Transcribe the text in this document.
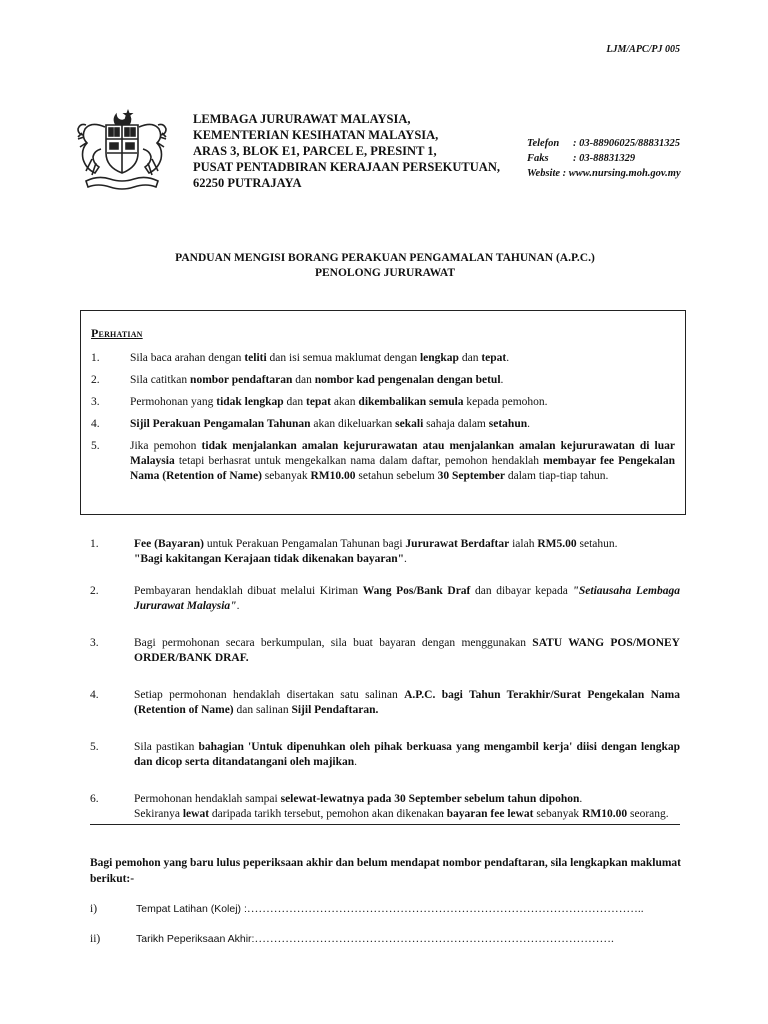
LJM/APC/PJ 005
LEMBAGA JURURAWAT MALAYSIA,
KEMENTERIAN KESIHATAN MALAYSIA,
ARAS 3, BLOK E1, PARCEL E, PRESINT 1,
PUSAT PENTADBIRAN KERAJAAN PERSEKUTUAN,
62250 PUTRAJAYA
Telefon : 03-88906025/88831325
Faks : 03-88831329
Website : www.nursing.moh.gov.my
PANDUAN MENGISI BORANG PERAKUAN PENGAMALAN TAHUNAN (A.P.C.)
PENOLONG JURURAWAT
Perhatian
1.	Sila baca arahan dengan teliti dan isi semua maklumat dengan lengkap dan tepat.
2.	Sila catitkan nombor pendaftaran dan nombor kad pengenalan dengan betul.
3.	Permohonan yang tidak lengkap dan tepat akan dikembalikan semula kepada pemohon.
4.	Sijil Perakuan Pengamalan Tahunan akan dikeluarkan sekali sahaja dalam setahun.
5.	Jika pemohon tidak menjalankan amalan kejururawatan atau menjalankan amalan kejururawatan di luar Malaysia tetapi berhasrat untuk mengekalkan nama dalam daftar, pemohon hendaklah membayar fee Pengekalan Nama (Retention of Name) sebanyak RM10.00 setahun sebelum 30 September dalam tiap-tiap tahun.
1.	Fee (Bayaran) untuk Perakuan Pengamalan Tahunan bagi Jururawat Berdaftar ialah RM5.00 setahun.
"Bagi kakitangan Kerajaan tidak dikenakan bayaran".
2.	Pembayaran hendaklah dibuat melalui Kiriman Wang Pos/Bank Draf dan dibayar kepada "Setiausaha Lembaga Jururawat Malaysia".
3.	Bagi permohonan secara berkumpulan, sila buat bayaran dengan menggunakan SATU WANG POS/MONEY ORDER/BANK DRAF.
4.	Setiap permohonan hendaklah disertakan satu salinan A.P.C. bagi Tahun Terakhir/Surat Pengekalan Nama (Retention of Name) dan salinan Sijil Pendaftaran.
5.	Sila pastikan bahagian 'Untuk dipenuhkan oleh pihak berkuasa yang mengambil kerja' diisi dengan lengkap dan dicop serta ditandatangani oleh majikan.
6.	Permohonan hendaklah sampai selewat-lewatnya pada 30 September sebelum tahun dipohon.
Sekiranya lewat daripada tarikh tersebut, pemohon akan dikenakan bayaran fee lewat sebanyak RM10.00 seorang.
Bagi pemohon yang baru lulus peperiksaan akhir dan belum mendapat nombor pendaftaran, sila lengkapkan maklumat berikut:-
i)	Tempat Latihan (Kolej) : …………………………………………………………………………………………..
ii)	Tarikh Peperiksaan Akhir: ………………………………………………………………………………….
